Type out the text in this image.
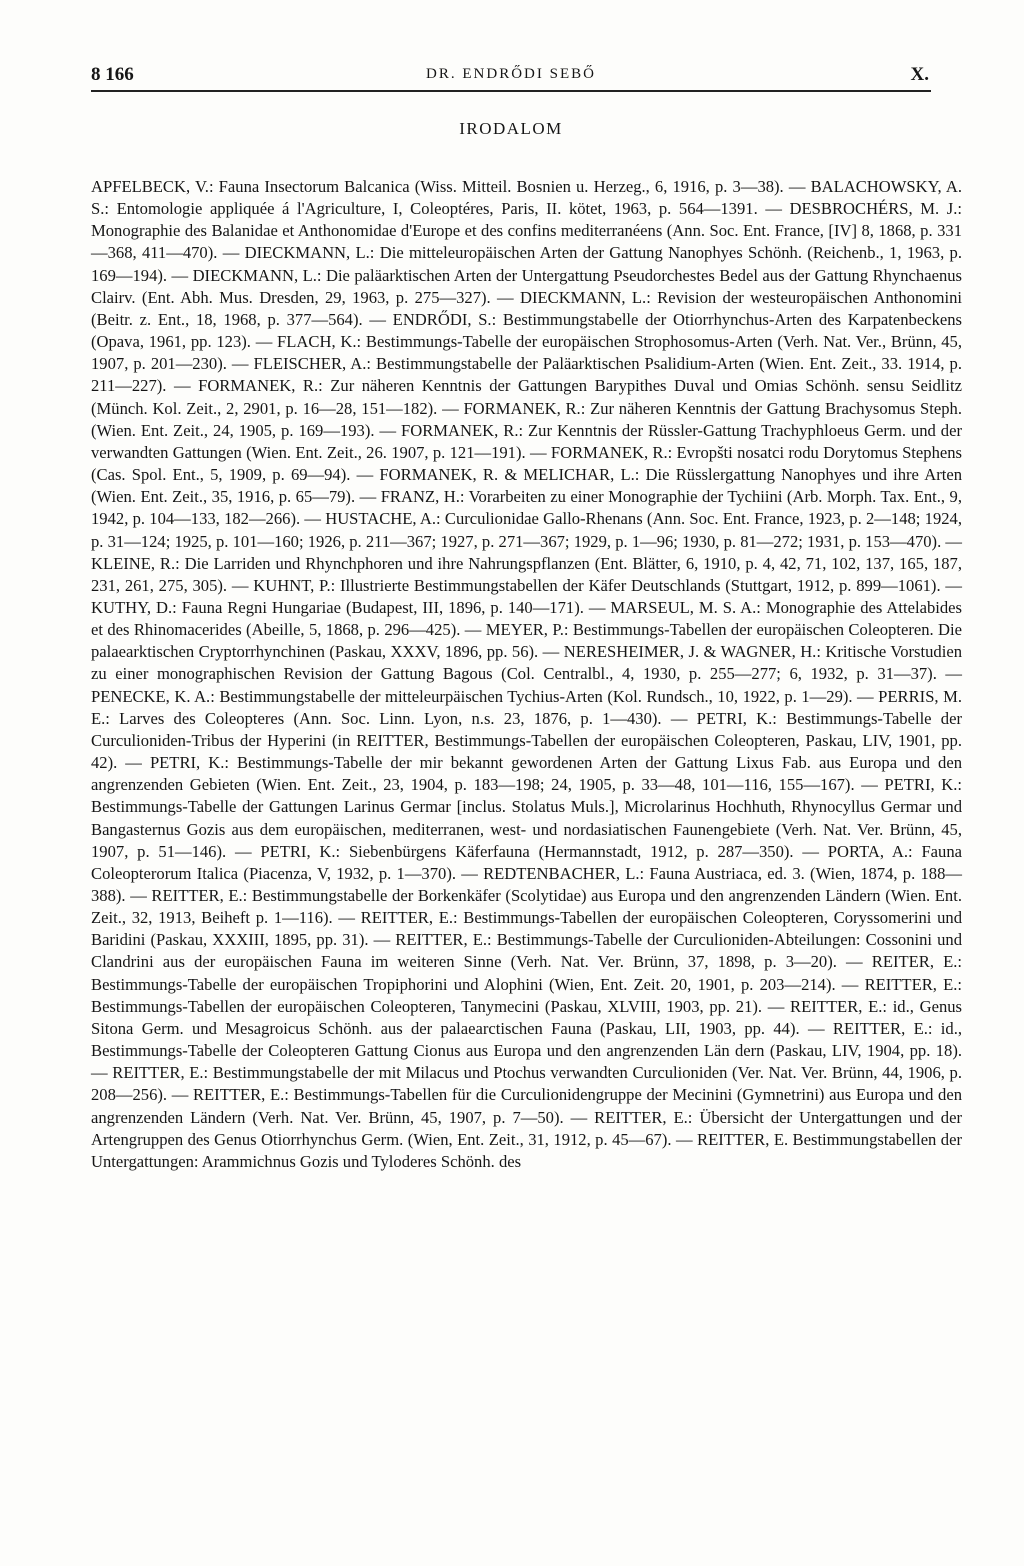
8 166	DR. ENDRŐDI SEBŐ	X.
IRODALOM

APFELBECK, V.: Fauna Insectorum Balcanica (Wiss. Mitteil. Bosnien u. Herzeg., 6, 1916, p. 3—38). — BALACHOWSKY, A. S.: Entomologie appliquée á l'Agriculture, I, Coleoptéres, Paris, II. kötet, 1963, p. 564—1391. — DESBROCHÉRS, M. J.: Monographie des Balanidae et Anthonomidae d'Europe et des confins mediterranéens (Ann. Soc. Ent. France, [IV] 8, 1868, p. 331—368, 411—470). — DIECKMANN, L.: Die mitteleuropäischen Arten der Gattung Nanophyes Schönh. (Reichenb., 1, 1963, p. 169—194). — DIECKMANN, L.: Die paläarktischen Arten der Untergattung Pseudorchestes Bedel aus der Gattung Rhynchaenus Clairv. (Ent. Abh. Mus. Dresden, 29, 1963, p. 275—327). — DIECKMANN, L.: Revision der westeuropäischen Anthonomini (Beitr. z. Ent., 18, 1968, p. 377—564). — ENDRŐDI, S.: Bestimmungstabelle der Otiorrhynchus-Arten des Karpatenbeckens (Opava, 1961, pp. 123). — FLACH, K.: Bestimmungs-Tabelle der europäischen Strophosomus-Arten (Verh. Nat. Ver., Brünn, 45, 1907, p. 201—230). — FLEISCHER, A.: Bestimmungstabelle der Paläarktischen Psalidium-Arten (Wien. Ent. Zeit., 33. 1914, p. 211—227). — FORMANEK, R.: Zur näheren Kenntnis der Gattungen Barypithes Duval und Omias Schönh. sensu Seidlitz (Münch. Kol. Zeit., 2, 2901, p. 16—28, 151—182). — FORMANEK, R.: Zur näheren Kenntnis der Gattung Brachysomus Steph. (Wien. Ent. Zeit., 24, 1905, p. 169—193). — FORMANEK, R.: Zur Kenntnis der Rüssler-Gattung Trachyphloeus Germ. und der verwandten Gattungen (Wien. Ent. Zeit., 26. 1907, p. 121—191). — FORMANEK, R.: Evropšti nosatci rodu Dorytomus Stephens (Cas. Spol. Ent., 5, 1909, p. 69—94). — FORMANEK, R. & MELICHAR, L.: Die Rüsslergattung Nanophyes und ihre Arten (Wien. Ent. Zeit., 35, 1916, p. 65—79). — FRANZ, H.: Vorarbeiten zu einer Monographie der Tychiini (Arb. Morph. Tax. Ent., 9, 1942, p. 104—133, 182—266). — HUSTACHE, A.: Curculionidae Gallo-Rhenans (Ann. Soc. Ent. France, 1923, p. 2—148; 1924, p. 31—124; 1925, p. 101—160; 1926, p. 211—367; 1927, p. 271—367; 1929, p. 1—96; 1930, p. 81—272; 1931, p. 153—470). — KLEINE, R.: Die Larriden und Rhynchphoren und ihre Nahrungspflanzen (Ent. Blätter, 6, 1910, p. 4, 42, 71, 102, 137, 165, 187, 231, 261, 275, 305). — KUHNT, P.: Illustrierte Bestimmungstabellen der Käfer Deutschlands (Stuttgart, 1912, p. 899—1061). — KUTHY, D.: Fauna Regni Hungariae (Budapest, III, 1896, p. 140—171). — MARSEUL, M. S. A.: Monographie des Attelabides et des Rhinomacerides (Abeille, 5, 1868, p. 296—425). — MEYER, P.: Bestimmungs-Tabellen der europäischen Coleopteren. Die palaearktischen Cryptorrhynchinen (Paskau, XXXV, 1896, pp. 56). — NERESHEIMER, J. & WAGNER, H.: Kritische Vorstudien zu einer monographischen Revision der Gattung Bagous (Col. Centralbl., 4, 1930, p. 255—277; 6, 1932, p. 31—37). — PENECKE, K. A.: Bestimmungstabelle der mitteleurpäischen Tychius-Arten (Kol. Rundsch., 10, 1922, p. 1—29). — PERRIS, M. E.: Larves des Coleopteres (Ann. Soc. Linn. Lyon, n.s. 23, 1876, p. 1—430). — PETRI, K.: Bestimmungs-Tabelle der Curculioniden-Tribus der Hyperini (in REITTER, Bestimmungs-Tabellen der europäischen Coleopteren, Paskau, LIV, 1901, pp. 42). — PETRI, K.: Bestimmungs-Tabelle der mir bekannt gewordenen Arten der Gattung Lixus Fab. aus Europa und den angrenzenden Gebieten (Wien. Ent. Zeit., 23, 1904, p. 183—198; 24, 1905, p. 33—48, 101—116, 155—167). — PETRI, K.: Bestimmungs-Tabelle der Gattungen Larinus Germar [inclus. Stolatus Muls.], Microlarinus Hochhuth, Rhynocyllus Germar und Bangasternus Gozis aus dem europäischen, mediterranen, west- und nordasiatischen Faunengebiete (Verh. Nat. Ver. Brünn, 45, 1907, p. 51—146). — PETRI, K.: Siebenbürgens Käferfauna (Hermannstadt, 1912, p. 287—350). — PORTA, A.: Fauna Coleopterorum Italica (Piacenza, V, 1932, p. 1—370). — REDTENBACHER, L.: Fauna Austriaca, ed. 3. (Wien, 1874, p. 188—388). — REITTER, E.: Bestimmungstabelle der Borkenkäfer (Scolytidae) aus Europa und den angrenzenden Ländern (Wien. Ent. Zeit., 32, 1913, Beiheft p. 1—116). — REITTER, E.: Bestimmungs-Tabellen der europäischen Coleopteren, Coryssomerini und Baridini (Paskau, XXXIII, 1895, pp. 31). — REITTER, E.: Bestimmungs-Tabelle der Curculioniden-Abteilungen: Cossonini und Clandrini aus der europäischen Fauna im weiteren Sinne (Verh. Nat. Ver. Brünn, 37, 1898, p. 3—20). — REITER, E.: Bestimmungs-Tabelle der europäischen Tropiphorini und Alophini (Wien, Ent. Zeit. 20, 1901, p. 203—214). — REITTER, E.: Bestimmungs-Tabellen der europäischen Coleopteren, Tanymecini (Paskau, XLVIII, 1903, pp. 21). — REITTER, E.: id., Genus Sitona Germ. und Mesagroicus Schönh. aus der palaearctischen Fauna (Paskau, LII, 1903, pp. 44). — REITTER, E.: id., Bestimmungs-Tabelle der Coleopteren Gattung Cionus aus Europa und den angrenzenden Län dern (Paskau, LIV, 1904, pp. 18). — REITTER, E.: Bestimmungstabelle der mit Milacus und Ptochus verwandten Curculioniden (Ver. Nat. Ver. Brünn, 44, 1906, p. 208—256). — REITTER, E.: Bestimmungs-Tabellen für die Curculionidengruppe der Mecinini (Gymnetrini) aus Europa und den angrenzenden Ländern (Verh. Nat. Ver. Brünn, 45, 1907, p. 7—50). — REITTER, E.: Übersicht der Untergattungen und der Artengruppen des Genus Otiorrhynchus Germ. (Wien, Ent. Zeit., 31, 1912, p. 45—67). — REITTER, E. Bestimmungstabellen der Untergattungen: Arammichnus Gozis und Tyloderes Schönh. des
